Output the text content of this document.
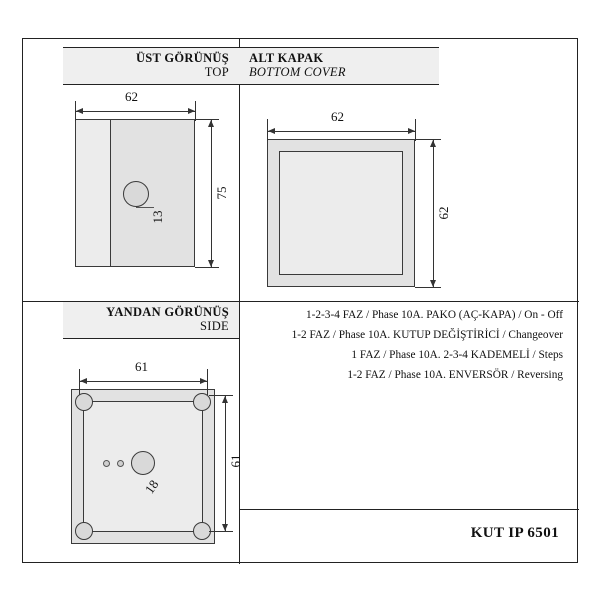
ÜST GÖRÜNÜŞ
TOP
ALT KAPAK
BOTTOM COVER
62
75
13
62
62
YANDAN GÖRÜNÜŞ
SIDE
61
61
18
1-2-3-4 FAZ / Phase 10A. PAKO (AÇ-KAPA) / On - Off
1-2 FAZ / Phase 10A. KUTUP DEĞİŞTİRİCİ / Changeover
1 FAZ / Phase 10A. 2-3-4 KADEMELİ / Steps
1-2 FAZ / Phase 10A. ENVERSÖR / Reversing
KUT IP 6501
